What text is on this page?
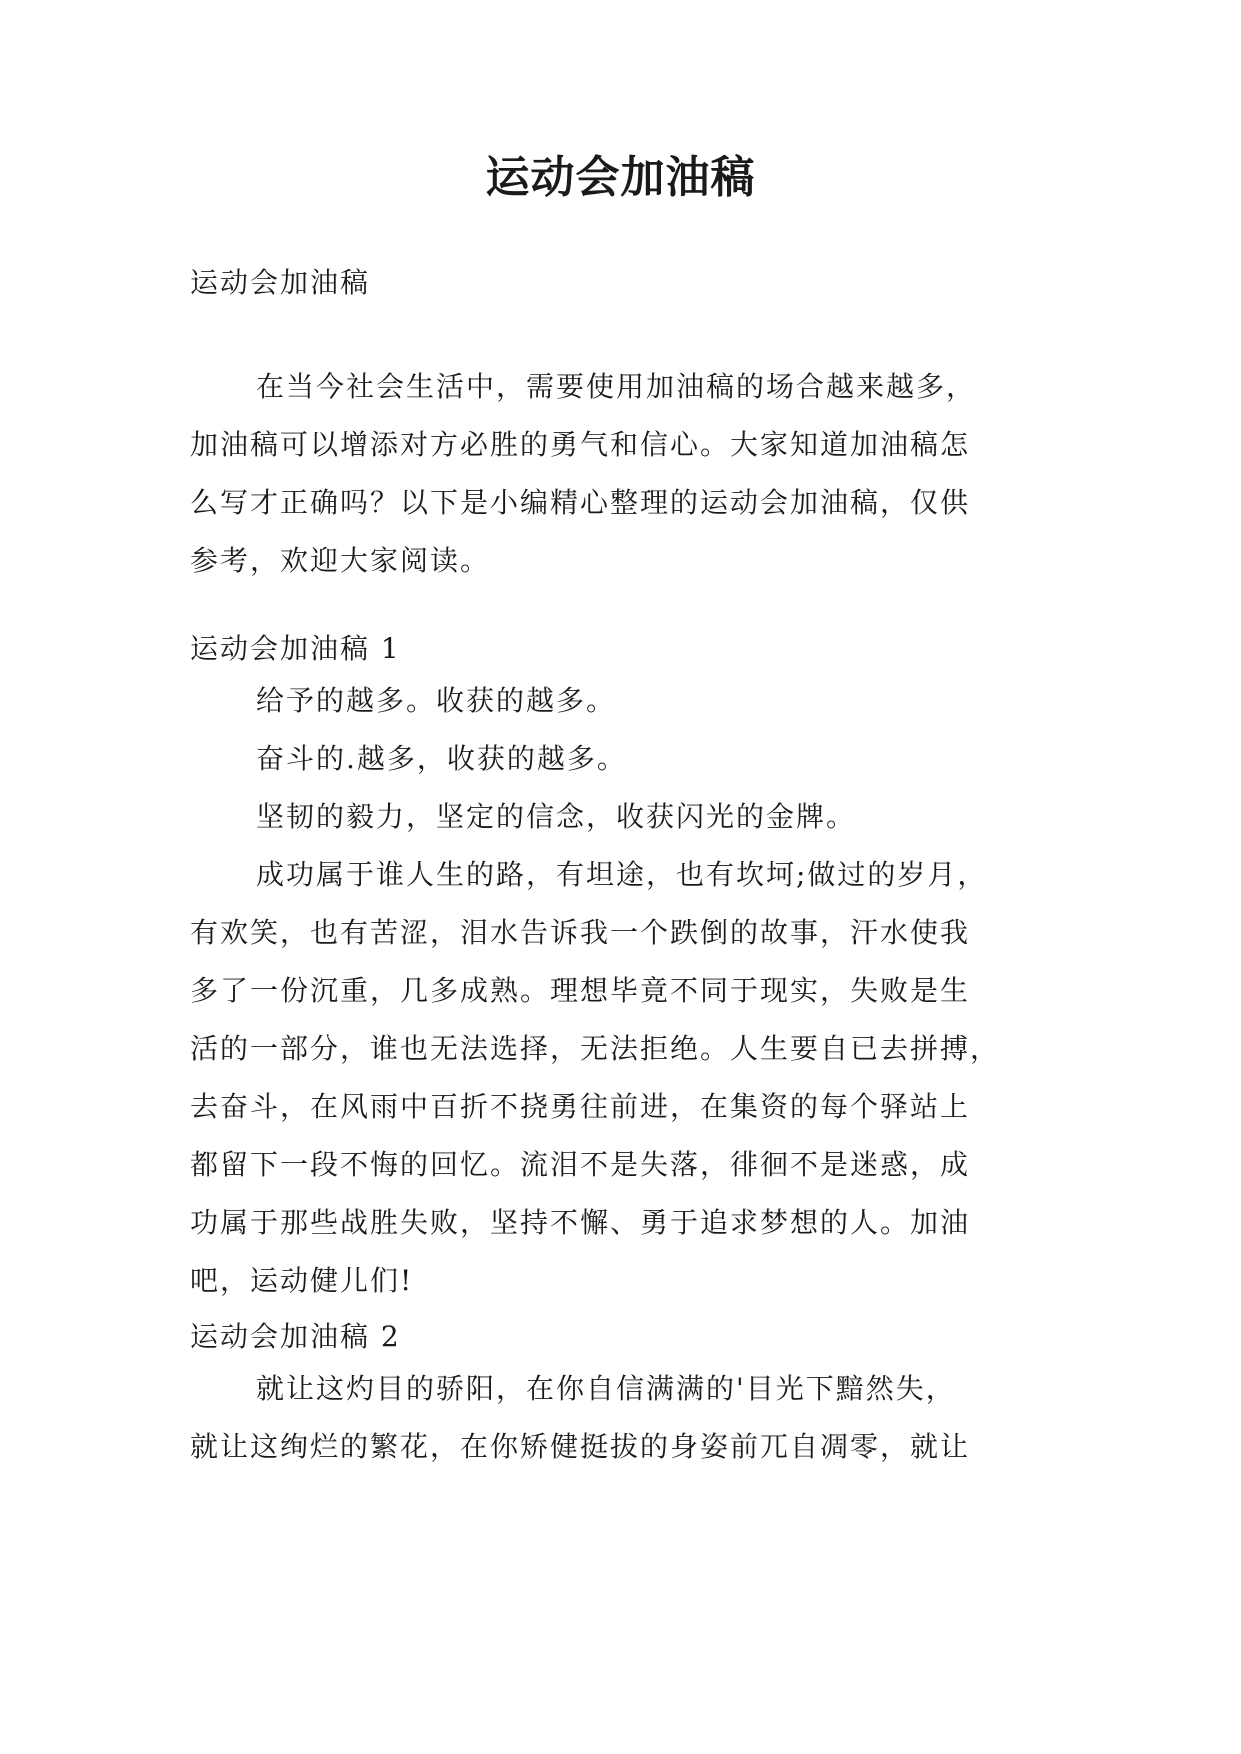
运动会加油稿
运动会加油稿
在当今社会生活中，需要使用加油稿的场合越来越多，
加油稿可以增添对方必胜的勇气和信心。大家知道加油稿怎
么写才正确吗？以下是小编精心整理的运动会加油稿，仅供
参考，欢迎大家阅读。
运动会加油稿 1
给予的越多。收获的越多。
奋斗的.越多，收获的越多。
坚韧的毅力，坚定的信念，收获闪光的金牌。
成功属于谁人生的路，有坦途，也有坎坷;做过的岁月，
有欢笑，也有苦涩，泪水告诉我一个跌倒的故事，汗水使我
多了一份沉重，几多成熟。理想毕竟不同于现实，失败是生
活的一部分，谁也无法选择，无法拒绝。人生要自已去拼搏，
去奋斗，在风雨中百折不挠勇往前进，在集资的每个驿站上
都留下一段不悔的回忆。流泪不是失落，徘徊不是迷惑，成
功属于那些战胜失败，坚持不懈、勇于追求梦想的人。加油
吧，运动健儿们!
运动会加油稿 2
就让这灼目的骄阳，在你自信满满的'目光下黯然失，
就让这绚烂的繁花，在你矫健挺拔的身姿前兀自凋零，就让
